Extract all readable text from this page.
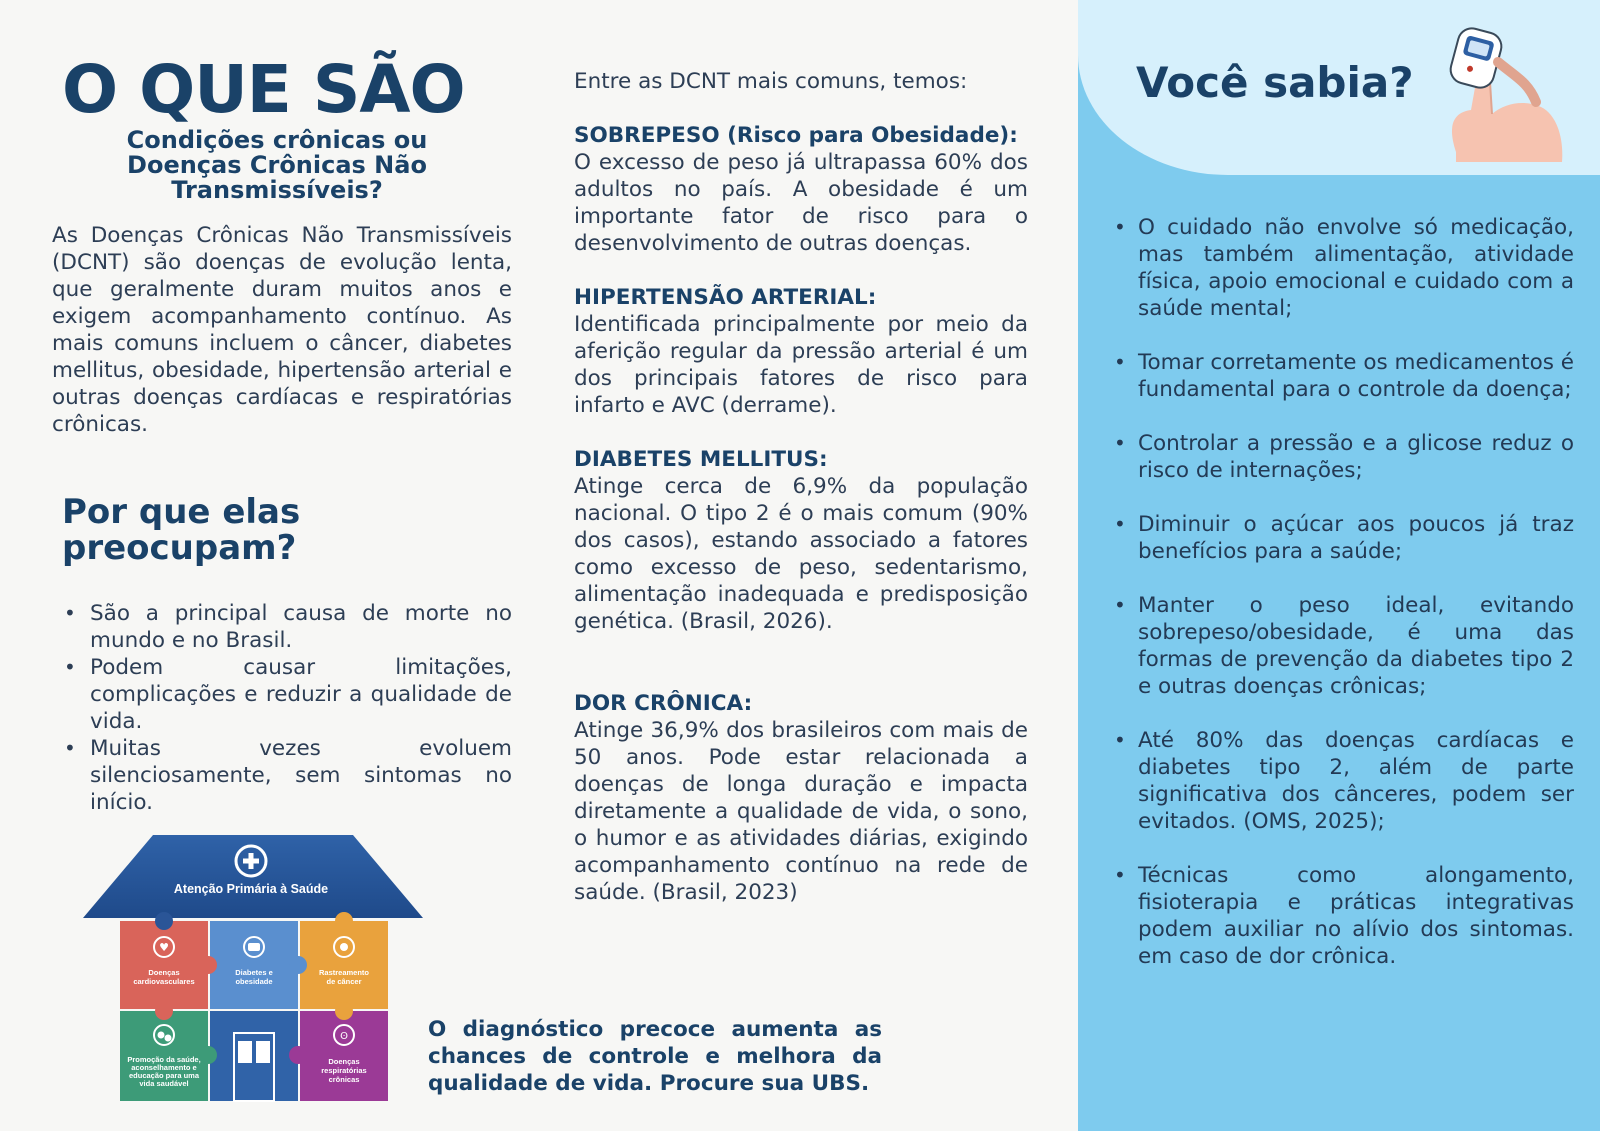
O QUE SÃO
Condições crônicas ou Doenças Crônicas Não Transmissíveis?
As Doenças Crônicas Não Transmissíveis (DCNT) são doenças de evolução lenta, que geralmente duram muitos anos e exigem acompanhamento contínuo. As mais comuns incluem o câncer, diabetes mellitus, obesidade, hipertensão arterial e outras doenças cardíacas e respiratórias crônicas.
Por que elas preocupam?
• São a principal causa de morte no mundo e no Brasil.
• Podem causar limitações, complicações e reduzir a qualidade de vida.
• Muitas vezes evoluem silenciosamente, sem sintomas no início.
Atenção Primária à Saúde
♥
ʘ
Doenças
cardiovasculares
Diabetes e
obesidade
Rastreamento
de câncer
Promoção da saúde,
aconselhamento e
educação para uma
vida saudável
Doenças
respiratórias
crônicas
O diagnóstico precoce aumenta as chances de controle e melhora da qualidade de vida. Procure sua UBS.
Entre as DCNT mais comuns, temos:
SOBREPESO (Risco para Obesidade):

O excesso de peso já ultrapassa 60% dos adultos no país. A obesidade é um importante fator de risco para o desenvolvimento de outras doenças.

HIPERTENSÃO ARTERIAL:

Identificada principalmente por meio da aferição regular da pressão arterial é um dos principais fatores de risco para infarto e AVC (derrame).

DIABETES MELLITUS:

Atinge cerca de 6,9% da população nacional. O tipo 2 é o mais comum (90% dos casos), estando associado a fatores como excesso de peso, sedentarismo, alimentação inadequada e predisposição genética. (Brasil, 2026).

DOR CRÔNICA:

Atinge 36,9% dos brasileiros com mais de 50 anos. Pode estar relacionada a doenças de longa duração e impacta diretamente a qualidade de vida, o sono, o humor e as atividades diárias, exigindo acompanhamento contínuo na rede de saúde. (Brasil, 2023)

Você sabia?
• O cuidado não envolve só medicação, mas também alimentação, atividade física, apoio emocional e cuidado com a saúde mental;
• Tomar corretamente os medicamentos é fundamental para o controle da doença;
• Controlar a pressão e a glicose reduz o risco de internações;
• Diminuir o açúcar aos poucos já traz benefícios para a saúde;
• Manter o peso ideal, evitando sobrepeso/obesidade, é uma das formas de prevenção da diabetes tipo 2 e outras doenças crônicas;
• Até 80% das doenças cardíacas e diabetes tipo 2, além de parte significativa dos cânceres, podem ser evitados. (OMS, 2025);
• Técnicas como alongamento, fisioterapia e práticas integrativas podem auxiliar no alívio dos sintomas. em caso de dor crônica.
